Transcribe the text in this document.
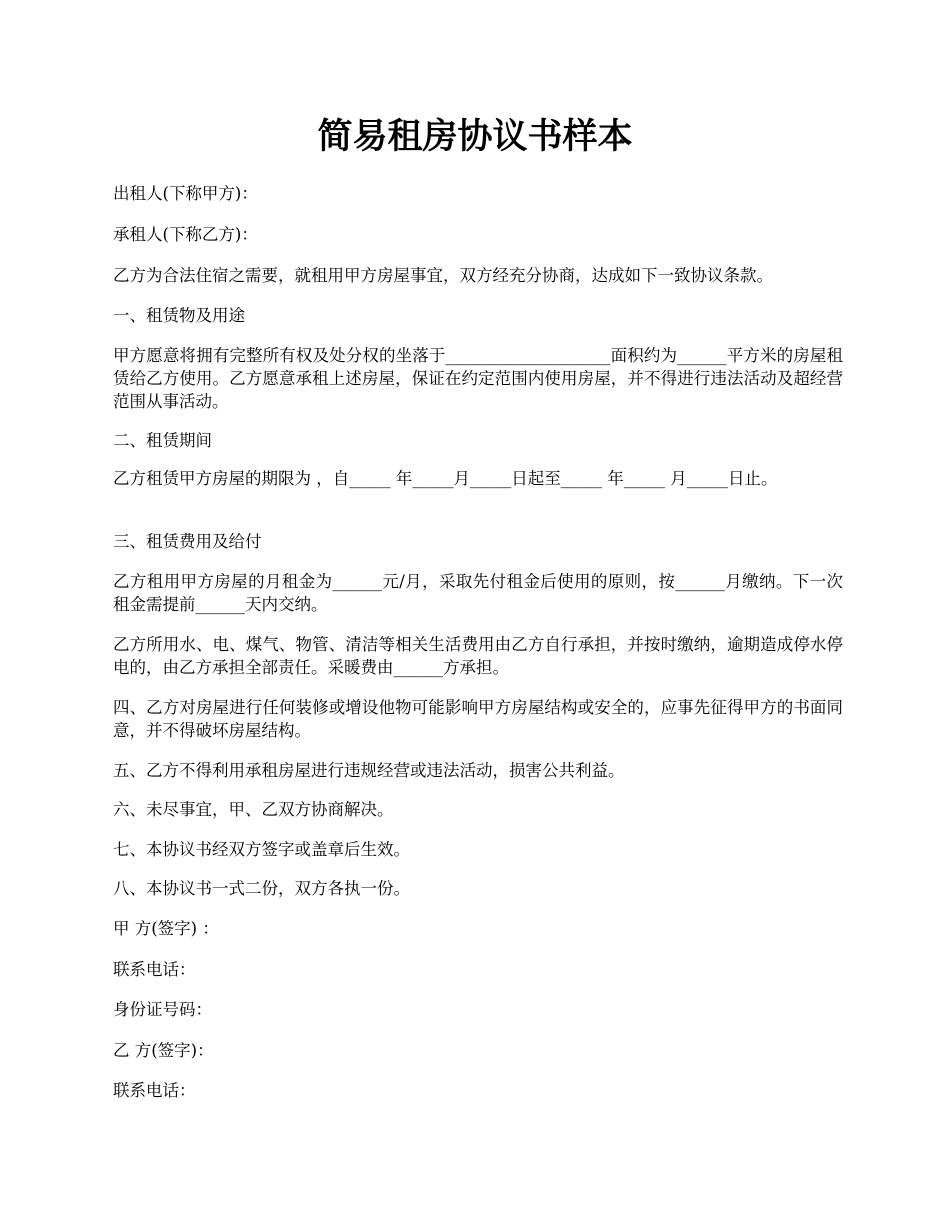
简易租房协议书样本

出租人(下称甲方)：

承租人(下称乙方)：

乙方为合法住宿之需要，就租用甲方房屋事宜，双方经充分协商，达成如下一致协议条款。

一、租赁物及用途

甲方愿意将拥有完整所有权及处分权的坐落于____________________面积约为______平方米的房屋租赁给乙方使用。乙方愿意承租上述房屋，保证在约定范围内使用房屋，并不得进行违法活动及超经营范围从事活动。

二、租赁期间

乙方租赁甲方房屋的期限为 ，自_____ 年_____月_____日起至_____ 年_____ 月_____日止。

三、租赁费用及给付

乙方租用甲方房屋的月租金为______元/月，采取先付租金后使用的原则，按______月缴纳。下一次租金需提前______天内交纳。

乙方所用水、电、煤气、物管、清洁等相关生活费用由乙方自行承担，并按时缴纳，逾期造成停水停电的，由乙方承担全部责任。采暖费由______方承担。

四、乙方对房屋进行任何装修或增设他物可能影响甲方房屋结构或安全的，应事先征得甲方的书面同意，并不得破坏房屋结构。

五、乙方不得利用承租房屋进行违规经营或违法活动，损害公共利益。

六、未尽事宜，甲、乙双方协商解决。

七、本协议书经双方签字或盖章后生效。

八、本协议书一式二份，双方各执一份。

甲 方(签字) ：

联系电话：

身份证号码：

乙 方(签字)：

联系电话：
